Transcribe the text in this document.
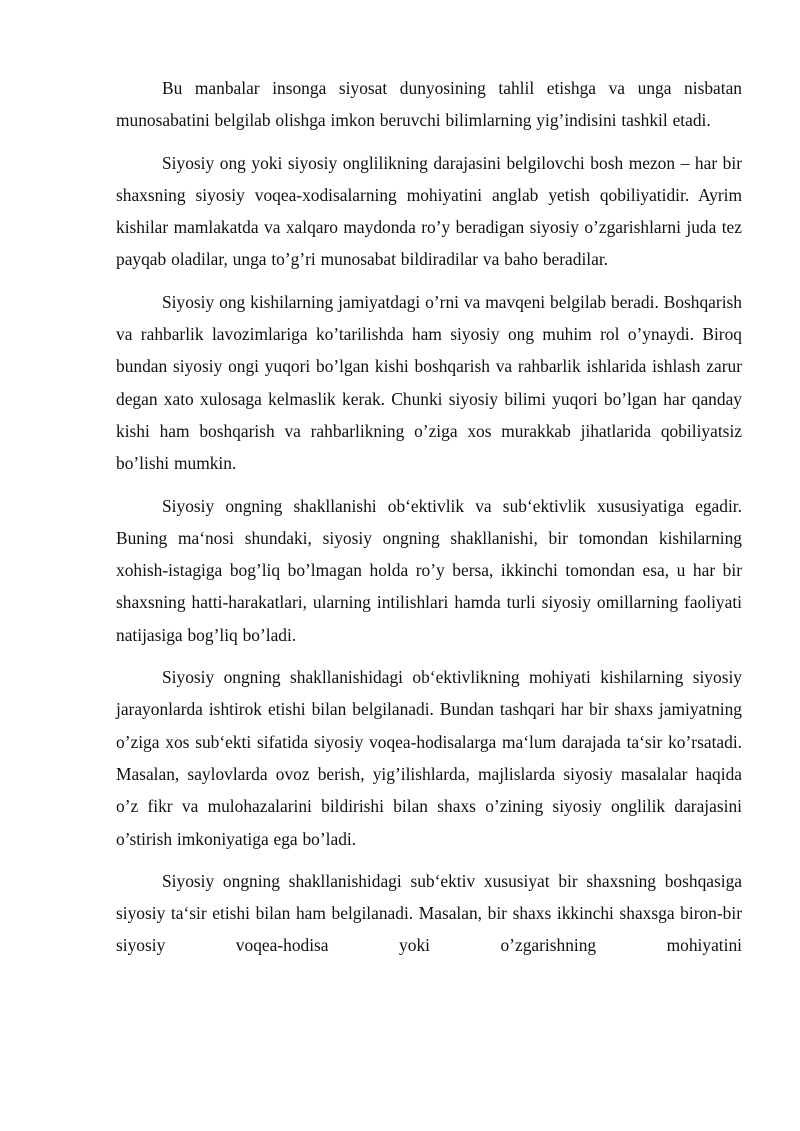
Bu manbalar insonga siyosat dunyosining tahlil etishga va unga nisbatan munosabatini belgilab olishga imkon beruvchi bilimlarning yig’indisini tashkil etadi.

Siyosiy ong yoki siyosiy onglilikning darajasini belgilovchi bosh mezon – har bir shaxsning siyosiy voqea-xodisalarning mohiyatini anglab yetish qobiliyatidir. Ayrim kishilar mamlakatda va xalqaro maydonda ro’y beradigan siyosiy o’zgarishlarni juda tez payqab oladilar, unga to’g’ri munosabat bildiradilar va baho beradilar.

Siyosiy ong kishilarning jamiyatdagi o’rni va mavqeni belgilab beradi. Boshqarish va rahbarlik lavozimlariga ko’tarilishda ham siyosiy ong muhim rol o’ynaydi. Biroq bundan siyosiy ongi yuqori bo’lgan kishi boshqarish va rahbarlik ishlarida ishlash zarur degan xato xulosaga kelmaslik kerak. Chunki siyosiy bilimi yuqori bo’lgan har qanday kishi ham boshqarish va rahbarlikning o’ziga xos murakkab jihatlarida qobiliyatsiz bo’lishi mumkin.

Siyosiy ongning shakllanishi ob‘ektivlik va sub‘ektivlik xususiyatiga egadir. Buning ma‘nosi shundaki, siyosiy ongning shakllanishi, bir tomondan kishilarning xohish-istagiga bog’liq bo’lmagan holda ro’y bersa, ikkinchi tomondan esa, u har bir shaxsning hatti-harakatlari, ularning intilishlari hamda turli siyosiy omillarning faoliyati natijasiga bog’liq bo’ladi.

Siyosiy ongning shakllanishidagi ob‘ektivlikning mohiyati kishilarning siyosiy jarayonlarda ishtirok etishi bilan belgilanadi. Bundan tashqari har bir shaxs jamiyatning o’ziga xos sub‘ekti sifatida siyosiy voqea-hodisalarga ma‘lum darajada ta‘sir ko’rsatadi. Masalan, saylovlarda ovoz berish, yig’ilishlarda, majlislarda siyosiy masalalar haqida o’z fikr va mulohazalarini bildirishi bilan shaxs o’zining siyosiy onglilik darajasini o’stirish imkoniyatiga ega bo’ladi.

Siyosiy ongning shakllanishidagi sub‘ektiv xususiyat bir shaxsning boshqasiga siyosiy ta‘sir etishi bilan ham belgilanadi. Masalan, bir shaxs ikkinchi shaxsga biron-bir siyosiy voqea-hodisa yoki o’zgarishning mohiyatini
